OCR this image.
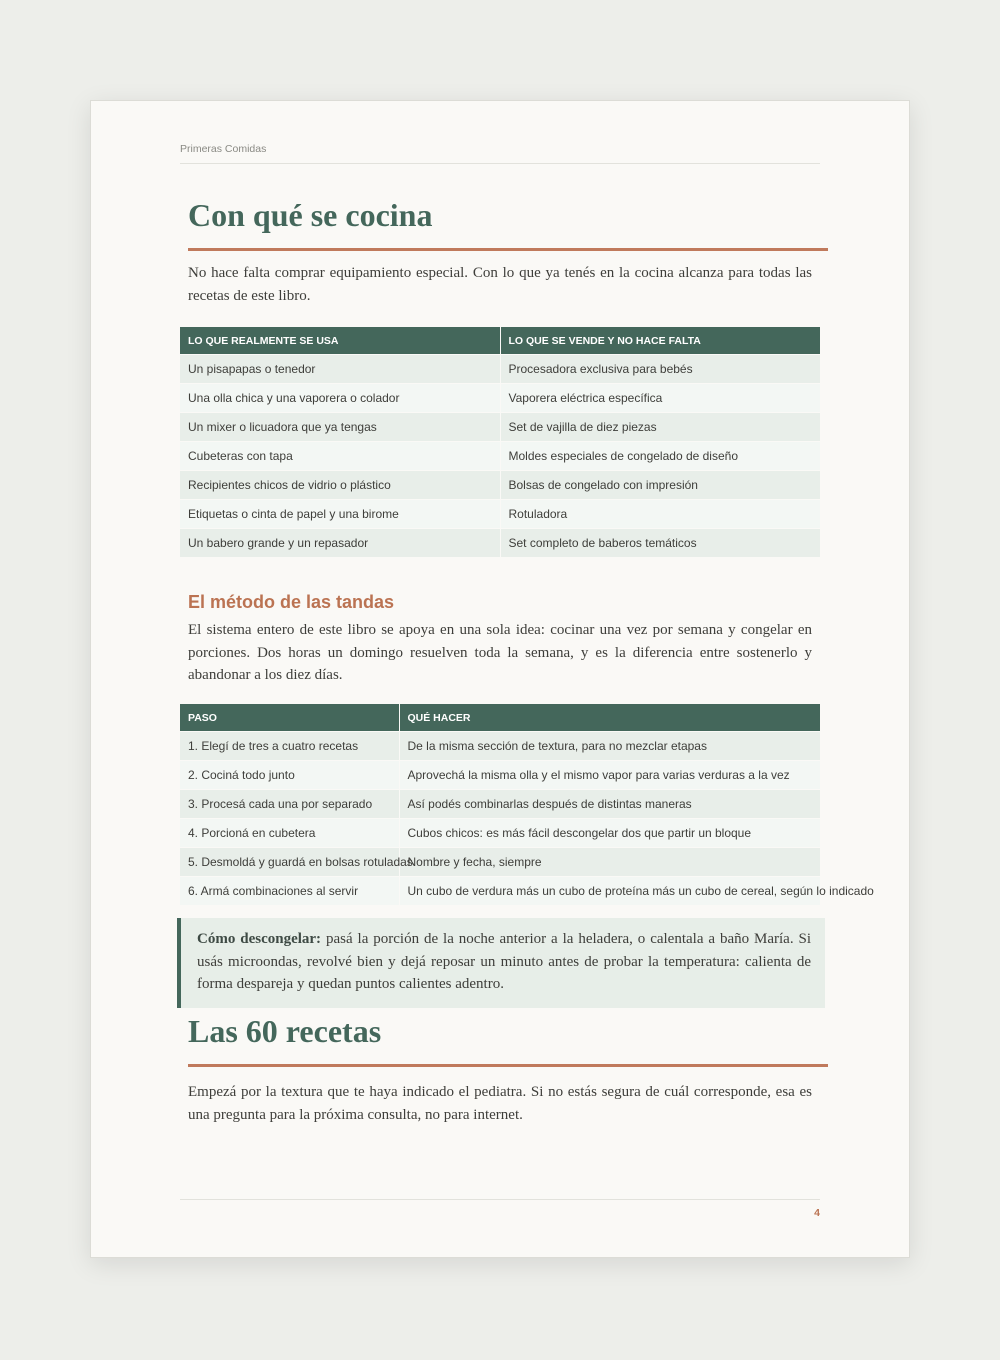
Primeras Comidas
Con qué se cocina

No hace falta comprar equipamiento especial. Con lo que ya tenés en la cocina alcanza para todas las recetas de este libro.

LO QUE REALMENTE SE USA	LO QUE SE VENDE Y NO HACE FALTA
Un pisapapas o tenedor	Procesadora exclusiva para bebés
Una olla chica y una vaporera o colador	Vaporera eléctrica específica
Un mixer o licuadora que ya tengas	Set de vajilla de diez piezas
Cubeteras con tapa	Moldes especiales de congelado de diseño
Recipientes chicos de vidrio o plástico	Bolsas de congelado con impresión
Etiquetas o cinta de papel y una birome	Rotuladora
Un babero grande y un repasador	Set completo de baberos temáticos
El método de las tandas

El sistema entero de este libro se apoya en una sola idea: cocinar una vez por semana y congelar en porciones. Dos horas un domingo resuelven toda la semana, y es la diferencia entre sostenerlo y abandonar a los diez días.

PASO	QUÉ HACER
1. Elegí de tres a cuatro recetas	De la misma sección de textura, para no mezclar etapas
2. Cociná todo junto	Aprovechá la misma olla y el mismo vapor para varias verduras a la vez
3. Procesá cada una por separado	Así podés combinarlas después de distintas maneras
4. Porcioná en cubetera	Cubos chicos: es más fácil descongelar dos que partir un bloque
5. Desmoldá y guardá en bolsas rotuladas	Nombre y fecha, siempre
6. Armá combinaciones al servir	Un cubo de verdura más un cubo de proteína más un cubo de cereal, según lo indicado
Cómo descongelar: pasá la porción de la noche anterior a la heladera, o calentala a baño María. Si usás microondas, revolvé bien y dejá reposar un minuto antes de probar la temperatura: calienta de forma despareja y quedan puntos calientes adentro.
Las 60 recetas

Empezá por la textura que te haya indicado el pediatra. Si no estás segura de cuál corresponde, esa es una pregunta para la próxima consulta, no para internet.

4
